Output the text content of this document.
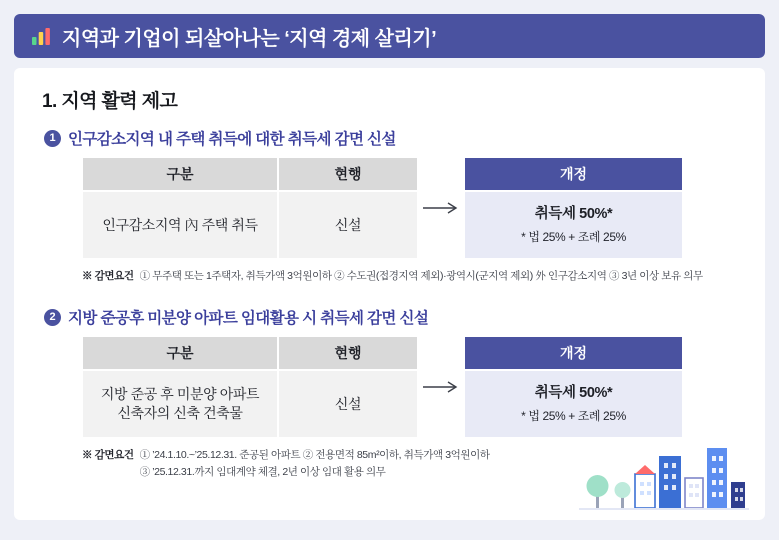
지역과 기업이 되살아나는 ‘지역 경제 살리기’
1. 지역 활력 제고
1 인구감소지역 내 주택 취득에 대한 취득세 감면 신설
구분
인구감소지역 內 주택 취득
현행
신설
개정
취득세 50%*
* 법 25% + 조례 25%
※ 감면요건 ① 무주택 또는 1주택자, 취득가액 3억원이하 ② 수도권(접경지역 제외)·광역시(군지역 제외) 外 인구감소지역 ③ 3년 이상 보유 의무
2 지방 준공후 미분양 아파트 임대활용 시 취득세 감면 신설
구분
지방 준공 후 미분양 아파트
신축자의 신축 건축물
현행
신설
개정
취득세 50%*
* 법 25% + 조례 25%
※ 감면요건 ① ’24.1.10.~’25.12.31. 준공된 아파트 ② 전용면적 85m²이하, 취득가액 3억원이하
③ ’25.12.31.까지 임대계약 체결, 2년 이상 임대 활용 의무
